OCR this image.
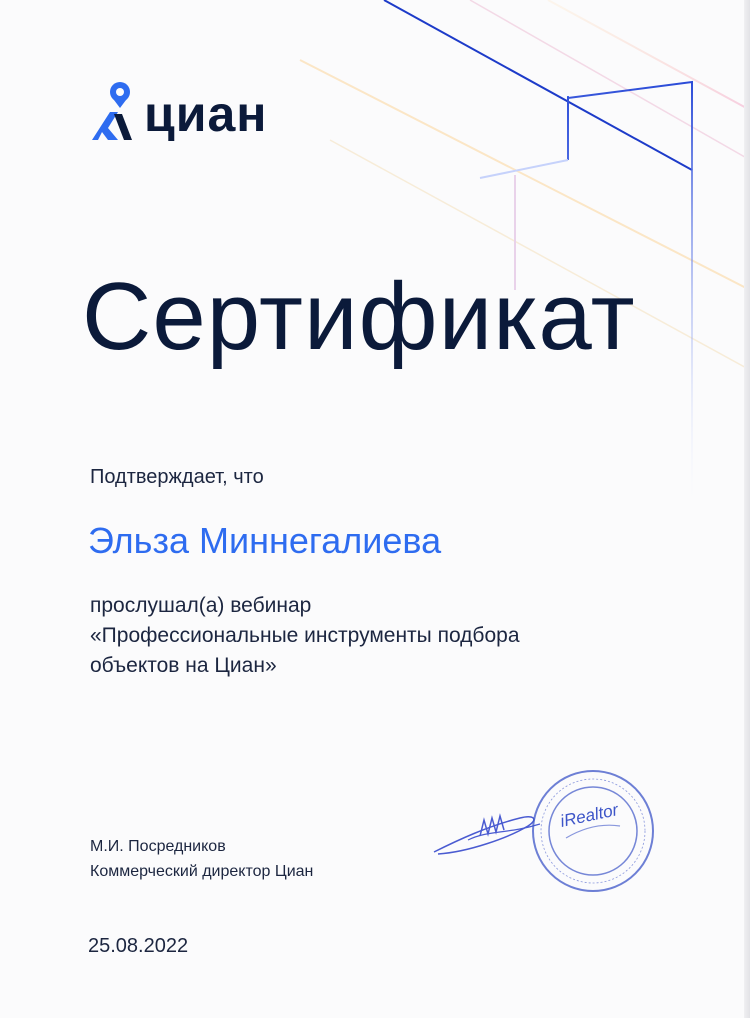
циан
Сертификат
Подтверждает, что
Эльза Миннегалиева
прослушал(а) вебинар
«Профессиональные инструменты подбора
объектов на Циан»
iRealtor
М.И. Посредников
Коммерческий директор Циан
25.08.2022
